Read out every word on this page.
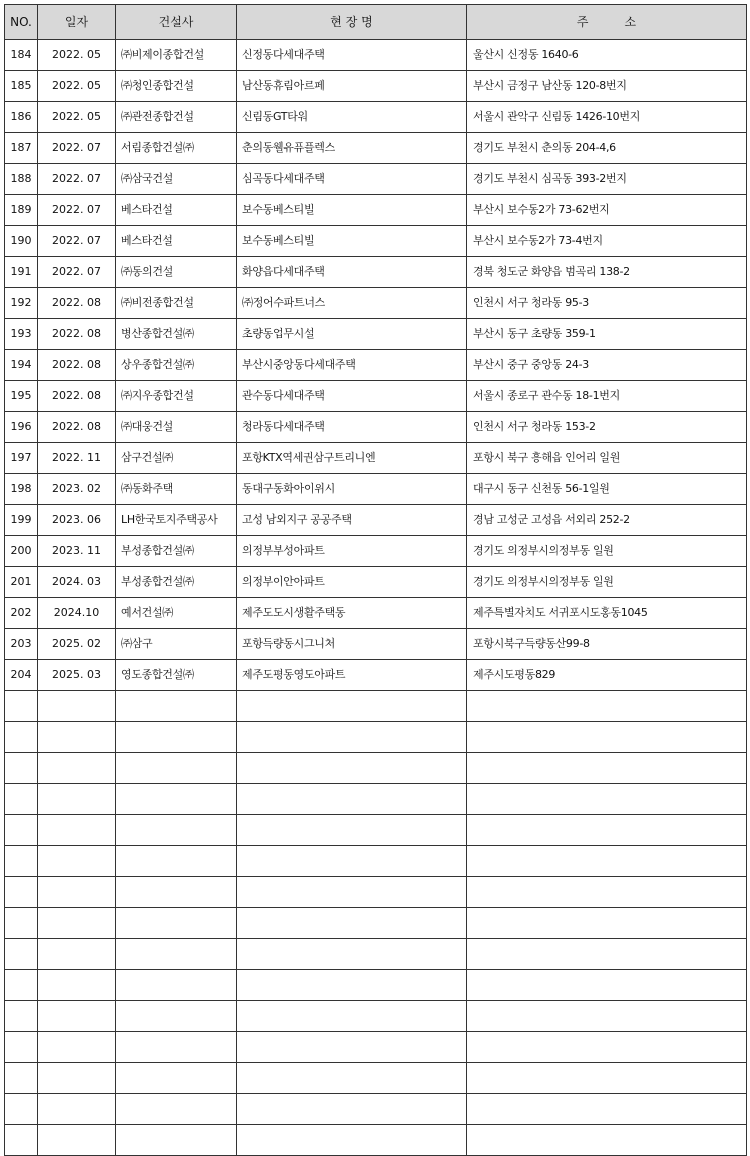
NO.	일자	건설사	현 장 명	주　　　소
184	2022. 05	㈜비제이종합건설	신정동다세대주택	울산시 신정동 1640-6
185	2022. 05	㈜청인종합건설	남산동휴림아르페	부산시 금정구 남산동 120-8번지
186	2022. 05	㈜관전종합건설	신림동GT타워	서울시 관악구 신림동 1426-10번지
187	2022. 07	서림종합건설㈜	춘의동웰유퓨플렉스	경기도 부천시 춘의동 204-4,6
188	2022. 07	㈜삼국건설	심곡동다세대주택	경기도 부천시 심곡동 393-2번지
189	2022. 07	베스타건설	보수동베스티빌	부산시 보수동2가 73-62번지
190	2022. 07	베스타건설	보수동베스티빌	부산시 보수동2가 73-4번지
191	2022. 07	㈜동의건설	화양읍다세대주택	경북 청도군 화양읍 범곡리 138-2
192	2022. 08	㈜비전종합건설	㈜정어수파트너스	인천시 서구 청라동 95-3
193	2022. 08	병산종합건설㈜	초량동업무시설	부산시 동구 초량동 359-1
194	2022. 08	상우종합건설㈜	부산시중앙동다세대주택	부산시 중구 중앙동 24-3
195	2022. 08	㈜지우종합건설	관수동다세대주택	서울시 종로구 관수동 18-1번지
196	2022. 08	㈜대웅건설	청라동다세대주택	인천시 서구 청라동 153-2
197	2022. 11	삼구건설㈜	포항KTX역세권삼구트리니엔	포항시 북구 흥해읍 인어리 일원
198	2023. 02	㈜동화주택	동대구동화아이위시	대구시 동구 신천동 56-1일원
199	2023. 06	LH한국토지주택공사	고성 남외지구 공공주택	경남 고성군 고성읍 서외리 252-2
200	2023. 11	부성종합건설㈜	의정부부성아파트	경기도 의정부시의정부동 일원
201	2024. 03	부성종합건설㈜	의정부이안아파트	경기도 의정부시의정부동 일원
202	2024.10	예서건설㈜	제주도도시생활주택동	제주특별자치도 서귀포시도홍동1045
203	2025. 02	㈜삼구	포항득량동시그니처	포항시북구득량동산99-8
204	2025. 03	영도종합건설㈜	제주도평동영도아파트	제주시도평동829
